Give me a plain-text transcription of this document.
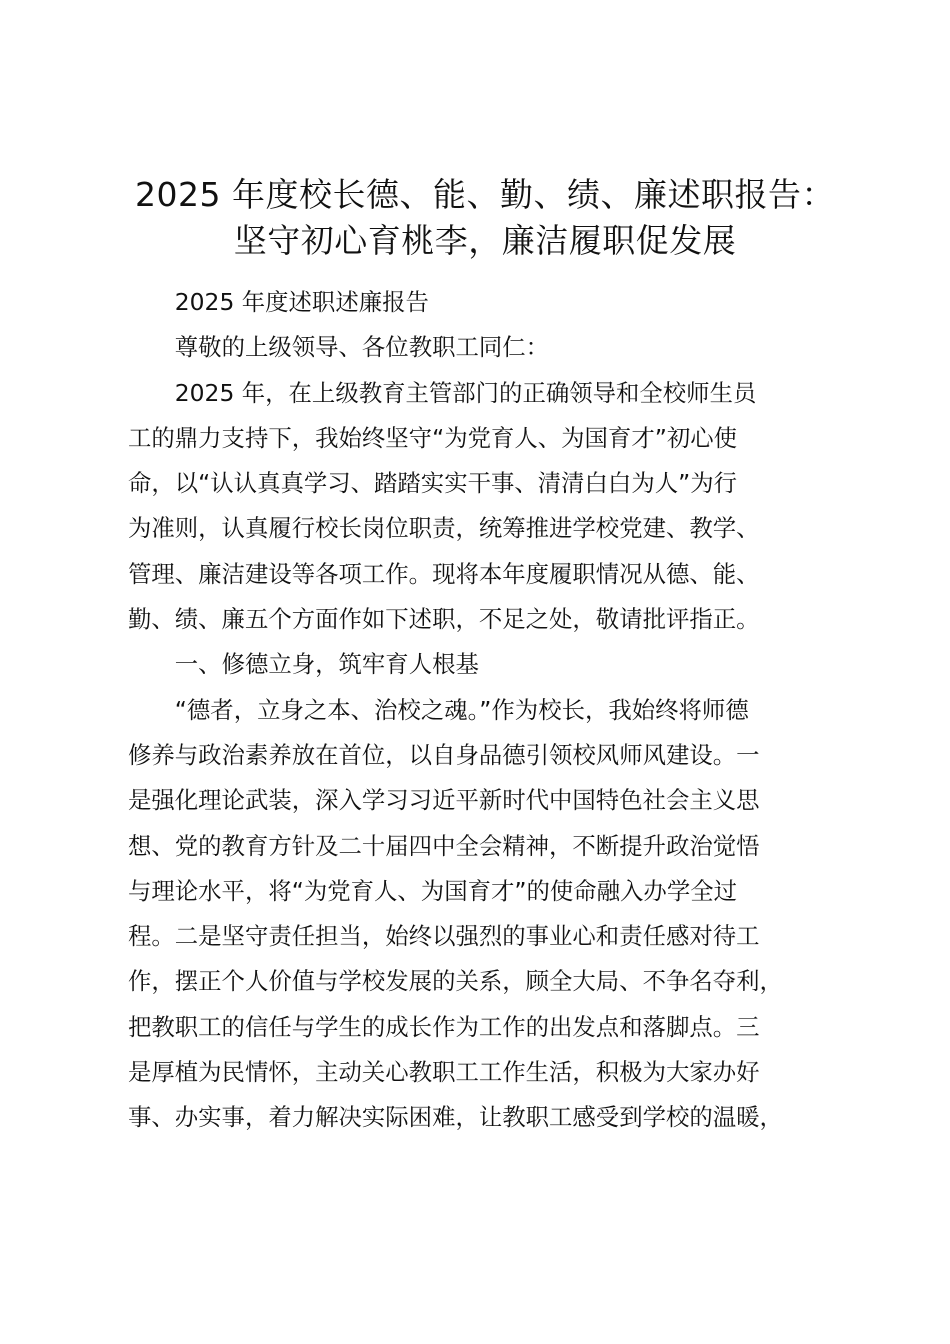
2025 年度校长德、能、勤、绩、廉述职报告：
坚守初心育桃李，廉洁履职促发展

2025 年度述职述廉报告

尊敬的上级领导、各位教职工同仁：

2025 年，在上级教育主管部门的正确领导和全校师生员
工的鼎力支持下，我始终坚守“为党育人、为国育才”初心使
命，以“认认真真学习、踏踏实实干事、清清白白为人”为行
为准则，认真履行校长岗位职责，统筹推进学校党建、教学、
管理、廉洁建设等各项工作。现将本年度履职情况从德、能、
勤、绩、廉五个方面作如下述职，不足之处，敬请批评指正。

一、修德立身，筑牢育人根基

“德者，立身之本、治校之魂。”作为校长，我始终将师德
修养与政治素养放在首位，以自身品德引领校风师风建设。一
是强化理论武装，深入学习习近平新时代中国特色社会主义思
想、党的教育方针及二十届四中全会精神，不断提升政治觉悟
与理论水平，将“为党育人、为国育才”的使命融入办学全过
程。二是坚守责任担当，始终以强烈的事业心和责任感对待工
作，摆正个人价值与学校发展的关系，顾全大局、不争名夺利，
把教职工的信任与学生的成长作为工作的出发点和落脚点。三
是厚植为民情怀，主动关心教职工工作生活，积极为大家办好
事、办实事，着力解决实际困难，让教职工感受到学校的温暖，
